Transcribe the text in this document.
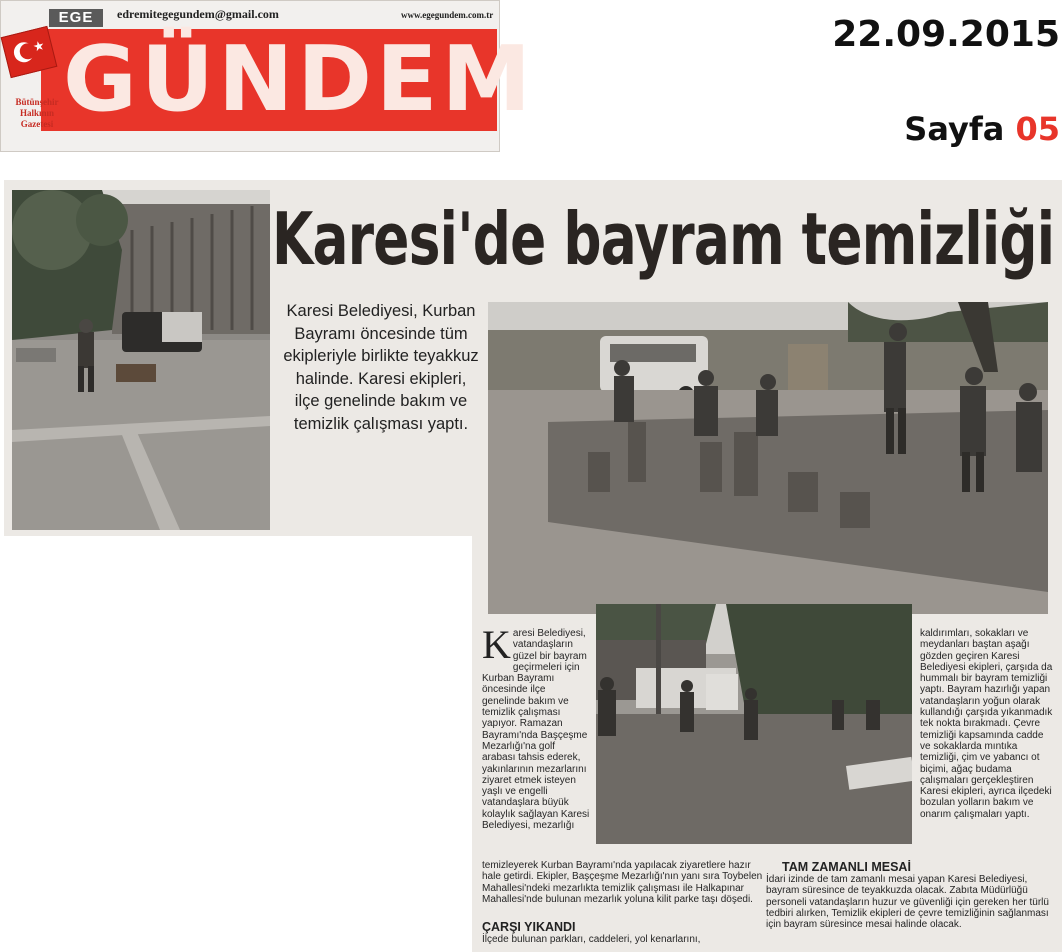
EGE	edremitegegundem@gmail.com	www.egegundem.com.tr
GÜNDEM
★
Bütünşehir Halkının Gazetesi
22.09.2015
Sayfa 05
Karesi'de bayram temizliği
Karesi Belediyesi, Kurban Bayramı öncesinde tüm ekipleriyle birlikte teyakkuz halinde. Karesi ekipleri, ilçe genelinde bakım ve temizlik çalışması yaptı.
Karesi Belediyesi, vatandaşların güzel bir bayram geçirmeleri için Kurban Bayramı öncesinde ilçe genelinde bakım ve temizlik çalışması yapıyor. Ramazan Bayramı'nda Başçeşme Mezarlığı'na golf arabası tahsis ederek, yakınlarının mezarlarını ziyaret etmek isteyen yaşlı ve engelli vatandaşlara büyük kolaylık sağlayan Karesi Belediyesi, mezarlığı
temizleyerek Kurban Bayramı'nda yapılacak ziyaretlere hazır hale getirdi. Ekipler, Başçeşme Mezarlığı'nın yanı sıra Toybelen Mahallesi'ndeki mezarlıkta temizlik çalışması ile Halkapınar Mahallesi'nde bulunan mezarlık yoluna kilit parke taşı döşedi.
ÇARŞI YIKANDI
İlçede bulunan parkları, caddeleri, yol kenarlarını,
kaldırımları, sokakları ve meydanları baştan aşağı gözden geçiren Karesi Belediyesi ekipleri, çarşıda da hummalı bir bayram temizliği yaptı. Bayram hazırlığı yapan vatandaşların yoğun olarak kullandığı çarşıda yıkanmadık tek nokta bırakmadı. Çevre temizliği kapsamında cadde ve sokaklarda mıntıka temizliği, çim ve yabancı ot biçimi, ağaç budama çalışmaları gerçekleştiren Karesi ekipleri, ayrıca ilçedeki bozulan yolların bakım ve onarım çalışmaları yaptı.
TAM ZAMANLI MESAİ
İdari izinde de tam zamanlı mesai yapan Karesi Belediyesi, bayram süresince de teyakkuzda olacak. Zabıta Müdürlüğü personeli vatandaşların huzur ve güvenliği için gereken her türlü tedbiri alırken, Temizlik ekipleri de çevre temizliğinin sağlanması için bayram süresince mesai halinde olacak.
